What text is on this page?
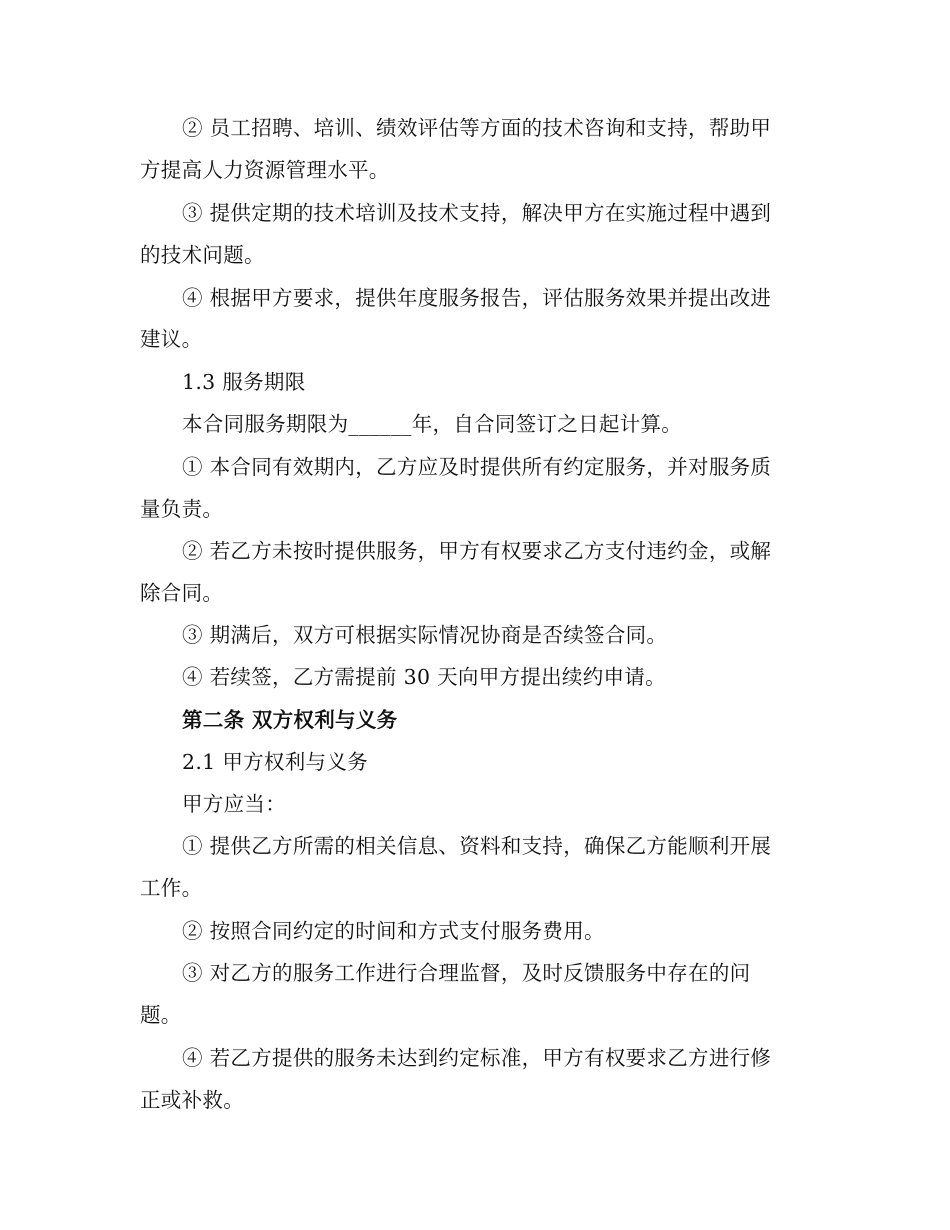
② 员工招聘、培训、绩效评估等方面的技术咨询和支持，帮助甲
方提高人力资源管理水平。
③ 提供定期的技术培训及技术支持，解决甲方在实施过程中遇到
的技术问题。
④ 根据甲方要求，提供年度服务报告，评估服务效果并提出改进
建议。
1.3 服务期限
本合同服务期限为______年，自合同签订之日起计算。
① 本合同有效期内，乙方应及时提供所有约定服务，并对服务质
量负责。
② 若乙方未按时提供服务，甲方有权要求乙方支付违约金，或解
除合同。
③ 期满后，双方可根据实际情况协商是否续签合同。
④ 若续签，乙方需提前 30 天向甲方提出续约申请。
第二条 双方权利与义务
2.1 甲方权利与义务
甲方应当：
① 提供乙方所需的相关信息、资料和支持，确保乙方能顺利开展
工作。
② 按照合同约定的时间和方式支付服务费用。
③ 对乙方的服务工作进行合理监督，及时反馈服务中存在的问
题。
④ 若乙方提供的服务未达到约定标准，甲方有权要求乙方进行修
正或补救。
